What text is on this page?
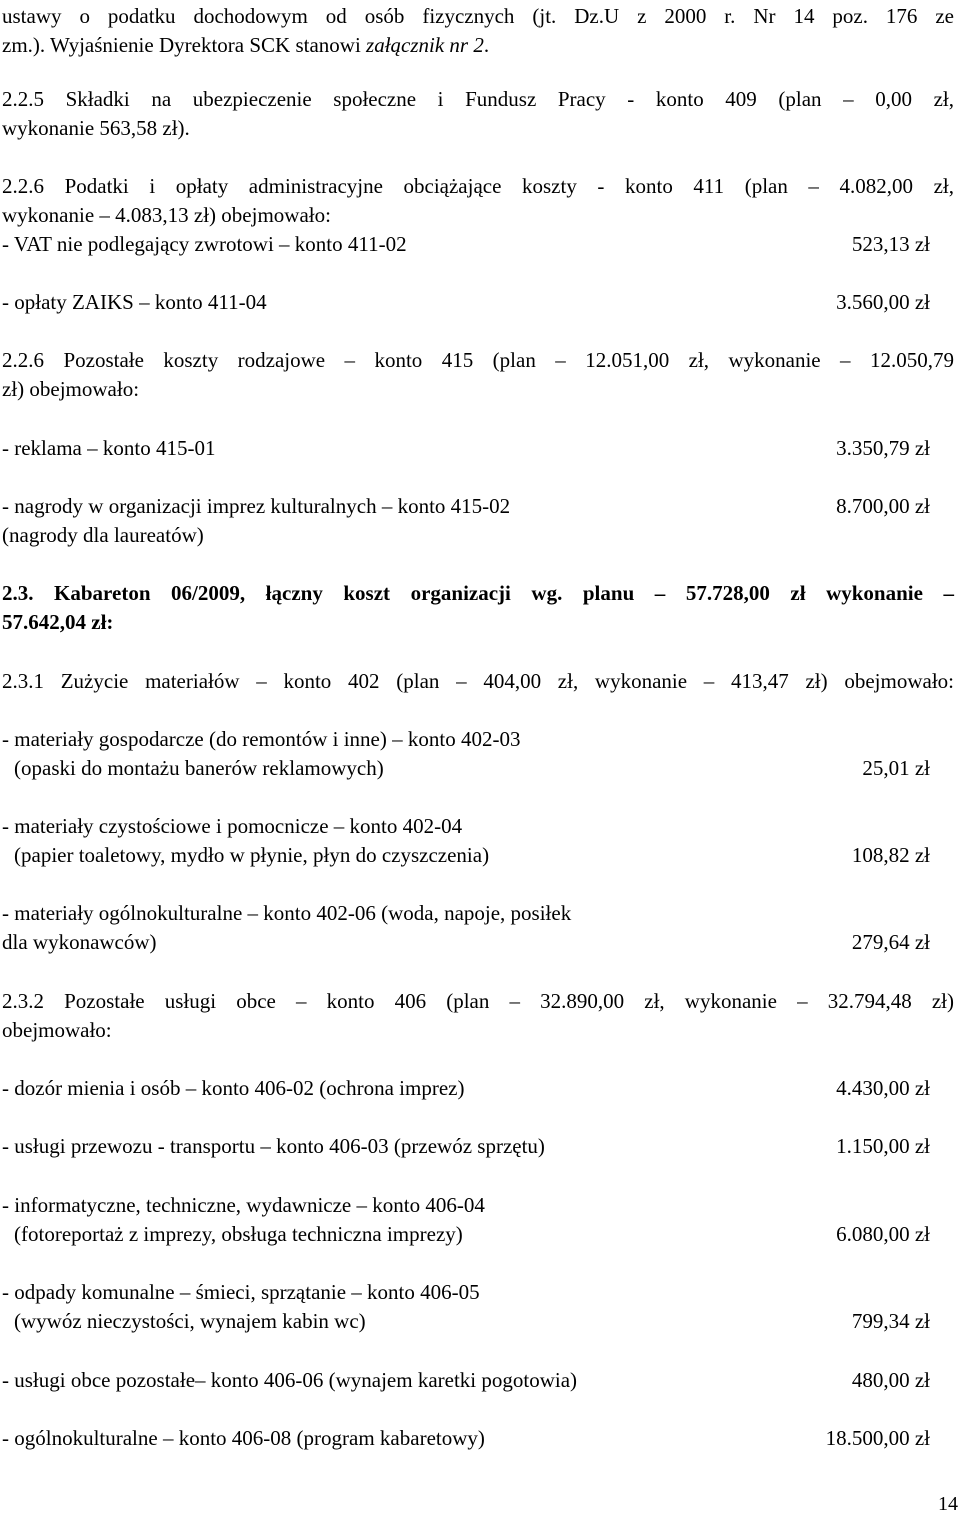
ustawy o podatku dochodowym od osób fizycznych (jt. Dz.U z 2000 r. Nr 14 poz. 176 ze
zm.). Wyjaśnienie Dyrektora SCK stanowi załącznik nr 2.
2.2.5 Składki na ubezpieczenie społeczne i Fundusz Pracy - konto 409 (plan – 0,00 zł,
wykonanie 563,58 zł).
2.2.6 Podatki i opłaty administracyjne obciążające koszty - konto 411 (plan – 4.082,00 zł,
wykonanie – 4.083,13 zł) obejmowało:
- VAT nie podlegający zwrotowi – konto 411-02	523,13 zł
- opłaty ZAIKS – konto 411-04	3.560,00 zł
2.2.6 Pozostałe koszty rodzajowe – konto 415 (plan – 12.051,00 zł, wykonanie – 12.050,79
zł) obejmowało:
- reklama – konto 415-01	3.350,79 zł
- nagrody w organizacji imprez kulturalnych – konto 415-02	8.700,00 zł
(nagrody dla laureatów)
2.3. Kabareton 06/2009, łączny koszt organizacji wg. planu – 57.728,00 zł wykonanie –
57.642,04 zł:
2.3.1 Zużycie materiałów – konto 402 (plan – 404,00 zł, wykonanie – 413,47 zł) obejmowało:
- materiały gospodarcze (do remontów i inne) – konto 402-03
(opaski do montażu banerów reklamowych)	25,01 zł
- materiały czystościowe i pomocnicze – konto 402-04
(papier toaletowy, mydło w płynie, płyn do czyszczenia)	108,82 zł
- materiały ogólnokulturalne – konto 402-06 (woda, napoje, posiłek
dla wykonawców)	279,64 zł
2.3.2 Pozostałe usługi obce – konto 406 (plan – 32.890,00 zł, wykonanie – 32.794,48 zł)
obejmowało:
- dozór mienia i osób – konto 406-02 (ochrona imprez)	4.430,00 zł
- usługi przewozu - transportu – konto 406-03 (przewóz sprzętu)	1.150,00 zł
- informatyczne, techniczne, wydawnicze – konto 406-04
(fotoreportaż z imprezy, obsługa techniczna imprezy)	6.080,00 zł
- odpady komunalne – śmieci, sprzątanie – konto 406-05
(wywóz nieczystości, wynajem kabin wc)	799,34 zł
- usługi obce pozostałe– konto 406-06 (wynajem karetki pogotowia)	480,00 zł
- ogólnokulturalne – konto 406-08 (program kabaretowy)	18.500,00 zł
14
